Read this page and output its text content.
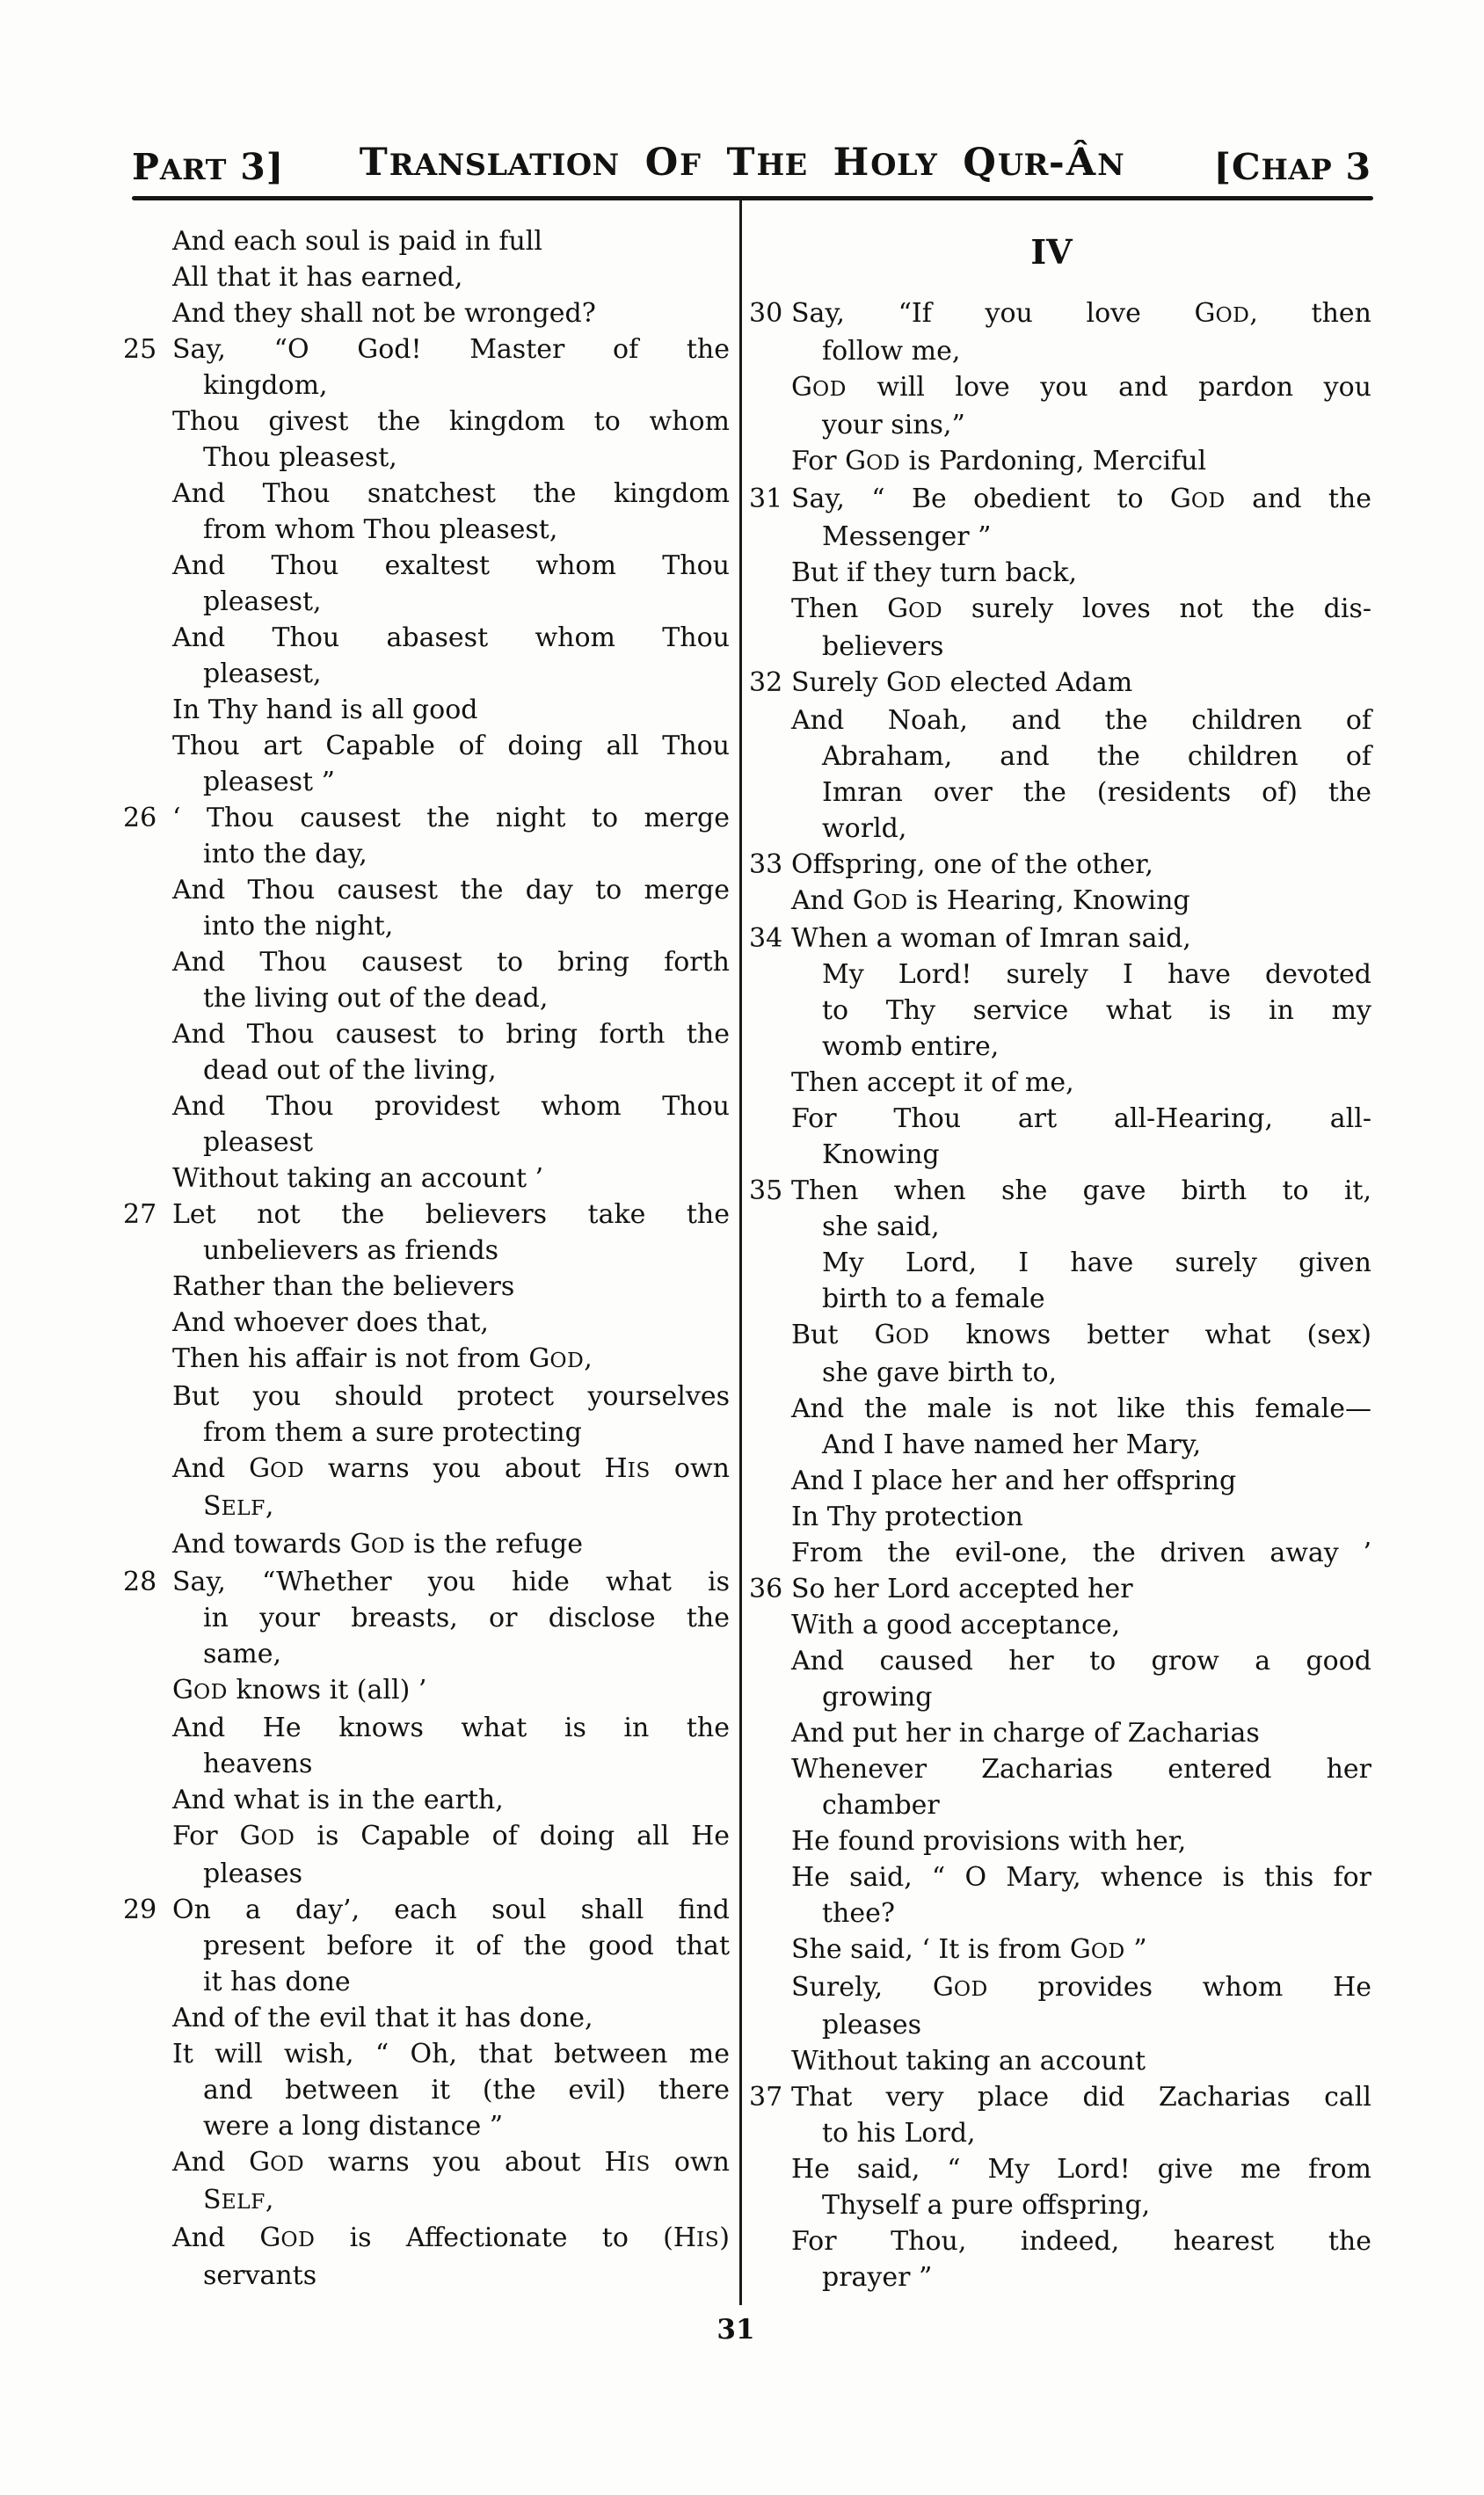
PART 3]	TRANSLATION OF THE HOLY QUR-ÂN	[CHAP 3
And each soul is paid in full
All that it has earned,
And they shall not be wronged?
25 Say, “O God! Master of the
kingdom,
Thou givest the kingdom to whom
Thou pleasest,
And Thou snatchest the kingdom
from whom Thou pleasest,
And Thou exaltest whom Thou
pleasest,
And Thou abasest whom Thou
pleasest,
In Thy hand is all good
Thou art Capable of doing all Thou
pleasest ”
26 ‘ Thou causest the night to merge
into the day,
And Thou causest the day to merge
into the night,
And Thou causest to bring forth
the living out of the dead,
And Thou causest to bring forth the
dead out of the living,
And Thou providest whom Thou
pleasest
Without taking an account ’
27 Let not the believers take the
unbelievers as friends
Rather than the believers
And whoever does that,
Then his affair is not from GOD,
But you should protect yourselves
from them a sure protecting
And GOD warns you about HIS own
SELF,
And towards GOD is the refuge
28 Say, “Whether you hide what is
in your breasts, or disclose the
same,
GOD knows it (all) ’
And He knows what is in the
heavens
And what is in the earth,
For GOD is Capable of doing all He
pleases
29 On a day’, each soul shall find
present before it of the good that
it has done
And of the evil that it has done,
It will wish, “ Oh, that between me
and between it (the evil) there
were a long distance ”
And GOD warns you about HIS own
SELF,
And GOD is Affectionate to (HIS)
servants
IV
30 Say, “If you love GOD, then
follow me,
GOD will love you and pardon you
your sins,”
For GOD is Pardoning, Merciful
31 Say, “ Be obedient to GOD and the
Messenger ”
But if they turn back,
Then GOD surely loves not the dis-
believers
32 Surely GOD elected Adam
And Noah, and the children of
Abraham, and the children of
Imran over the (residents of) the
world,
33 Offspring, one of the other,
And GOD is Hearing, Knowing
34 When a woman of Imran said,
My Lord! surely I have devoted
to Thy service what is in my
womb entire,
Then accept it of me,
For Thou art all-Hearing, all-
Knowing
35 Then when she gave birth to it,
she said,
My Lord, I have surely given
birth to a female
But GOD knows better what (sex)
she gave birth to,
And the male is not like this female—
And I have named her Mary,
And I place her and her offspring
In Thy protection
From the evil-one, the driven away ’
36 So her Lord accepted her
With a good acceptance,
And caused her to grow a good
growing
And put her in charge of Zacharias
Whenever Zacharias entered her
chamber
He found provisions with her,
He said, “ O Mary, whence is this for
thee?
She said, ‘ It is from GOD ”
Surely, GOD provides whom He
pleases
Without taking an account
37 That very place did Zacharias call
to his Lord,
He said, “ My Lord! give me from
Thyself a pure offspring,
For Thou, indeed, hearest the
prayer ”
31
